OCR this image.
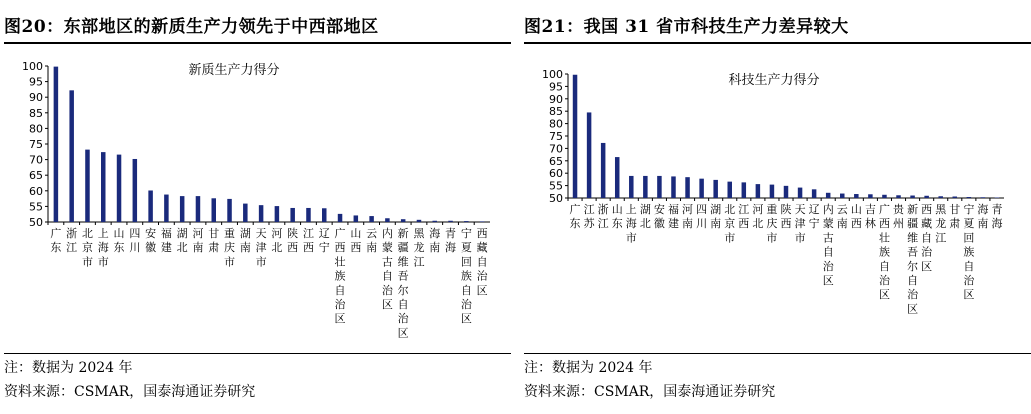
图20：东部地区的新质生产力领先于中西部地区
新质生产力得分
50
55
60
65
70
75
80
85
90
95
100
广东
浙江
北京市
上海市
山东
四川
安徽
福建
湖北
河南
甘肃
重庆市
湖南
天津市
河北
陕西
江西
辽宁
广西壮族自治区
山西
云南
内蒙古自治区
新疆维吾尔自治区
黑龙江
海南
青海
宁夏回族自治区
西藏自治区
注：数据为 2024 年
资料来源：CSMAR，国泰海通证券研究
图21：我国 31 省市科技生产力差异较大
科技生产力得分
50
55
60
65
70
75
80
85
90
95
100
广东
江苏
浙江
山东
上海市
湖北
安徽
福建
河南
四川
湖南
北京市
江西
河北
重庆市
陕西
天津市
辽宁
内蒙古自治区
云南
山西
吉林
广西壮族自治区
贵州
新疆维吾尔自治区
西藏自治区
黑龙江
甘肃
宁夏回族自治区
海南
青海
注：数据为 2024 年
资料来源：CSMAR，国泰海通证券研究
